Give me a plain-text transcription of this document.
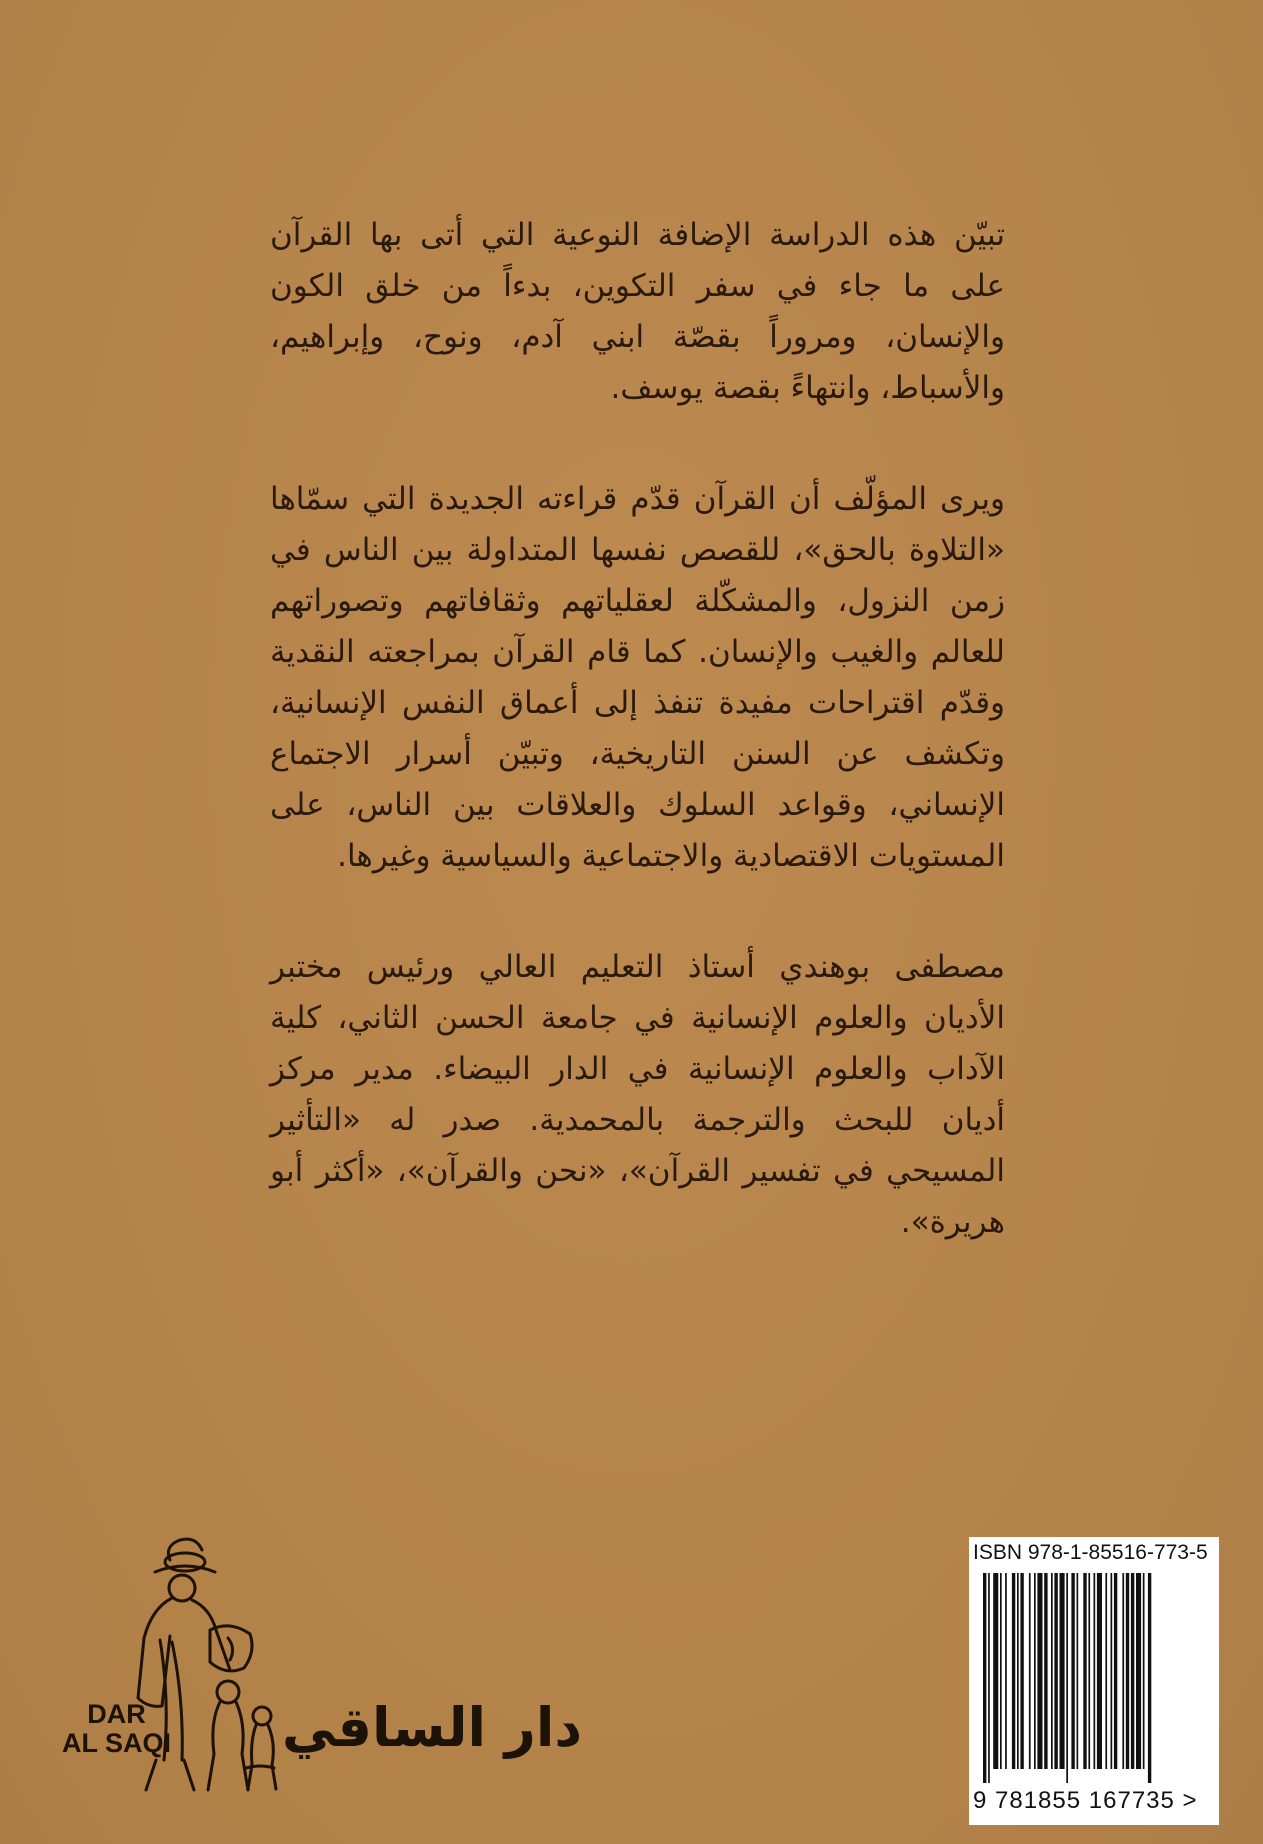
تبيّن هذه الدراسة الإضافة النوعية التي أتى بها القرآن على ما جاء في سفر التكوين، بدءاً من خلق الكون والإنسان، ومروراً بقصّة ابني آدم، ونوح، وإبراهيم، والأسباط، وانتهاءً بقصة يوسف.

ويرى المؤلّف أن القرآن قدّم قراءته الجديدة التي سمّاها «التلاوة بالحق»، للقصص نفسها المتداولة بين الناس في زمن النزول، والمشكّلة لعقلياتهم وثقافاتهم وتصوراتهم للعالم والغيب والإنسان. كما قام القرآن بمراجعته النقدية وقدّم اقتراحات مفيدة تنفذ إلى أعماق النفس الإنسانية، وتكشف عن السنن التاريخية، وتبيّن أسرار الاجتماع الإنساني، وقواعد السلوك والعلاقات بين الناس، على المستويات الاقتصادية والاجتماعية والسياسية وغيرها.

مصطفى بوهندي أستاذ التعليم العالي ورئيس مختبر الأديان والعلوم الإنسانية في جامعة الحسن الثاني، كلية الآداب والعلوم الإنسانية في الدار البيضاء. مدير مركز أديان للبحث والترجمة بالمحمدية. صدر له «التأثير المسيحي في تفسير القرآن»، «نحن والقرآن»، «أكثر أبو هريرة».

ISBN 978-1-85516-773-5
9 781855 167735 >
DAR
AL SAQI دار الساقي
